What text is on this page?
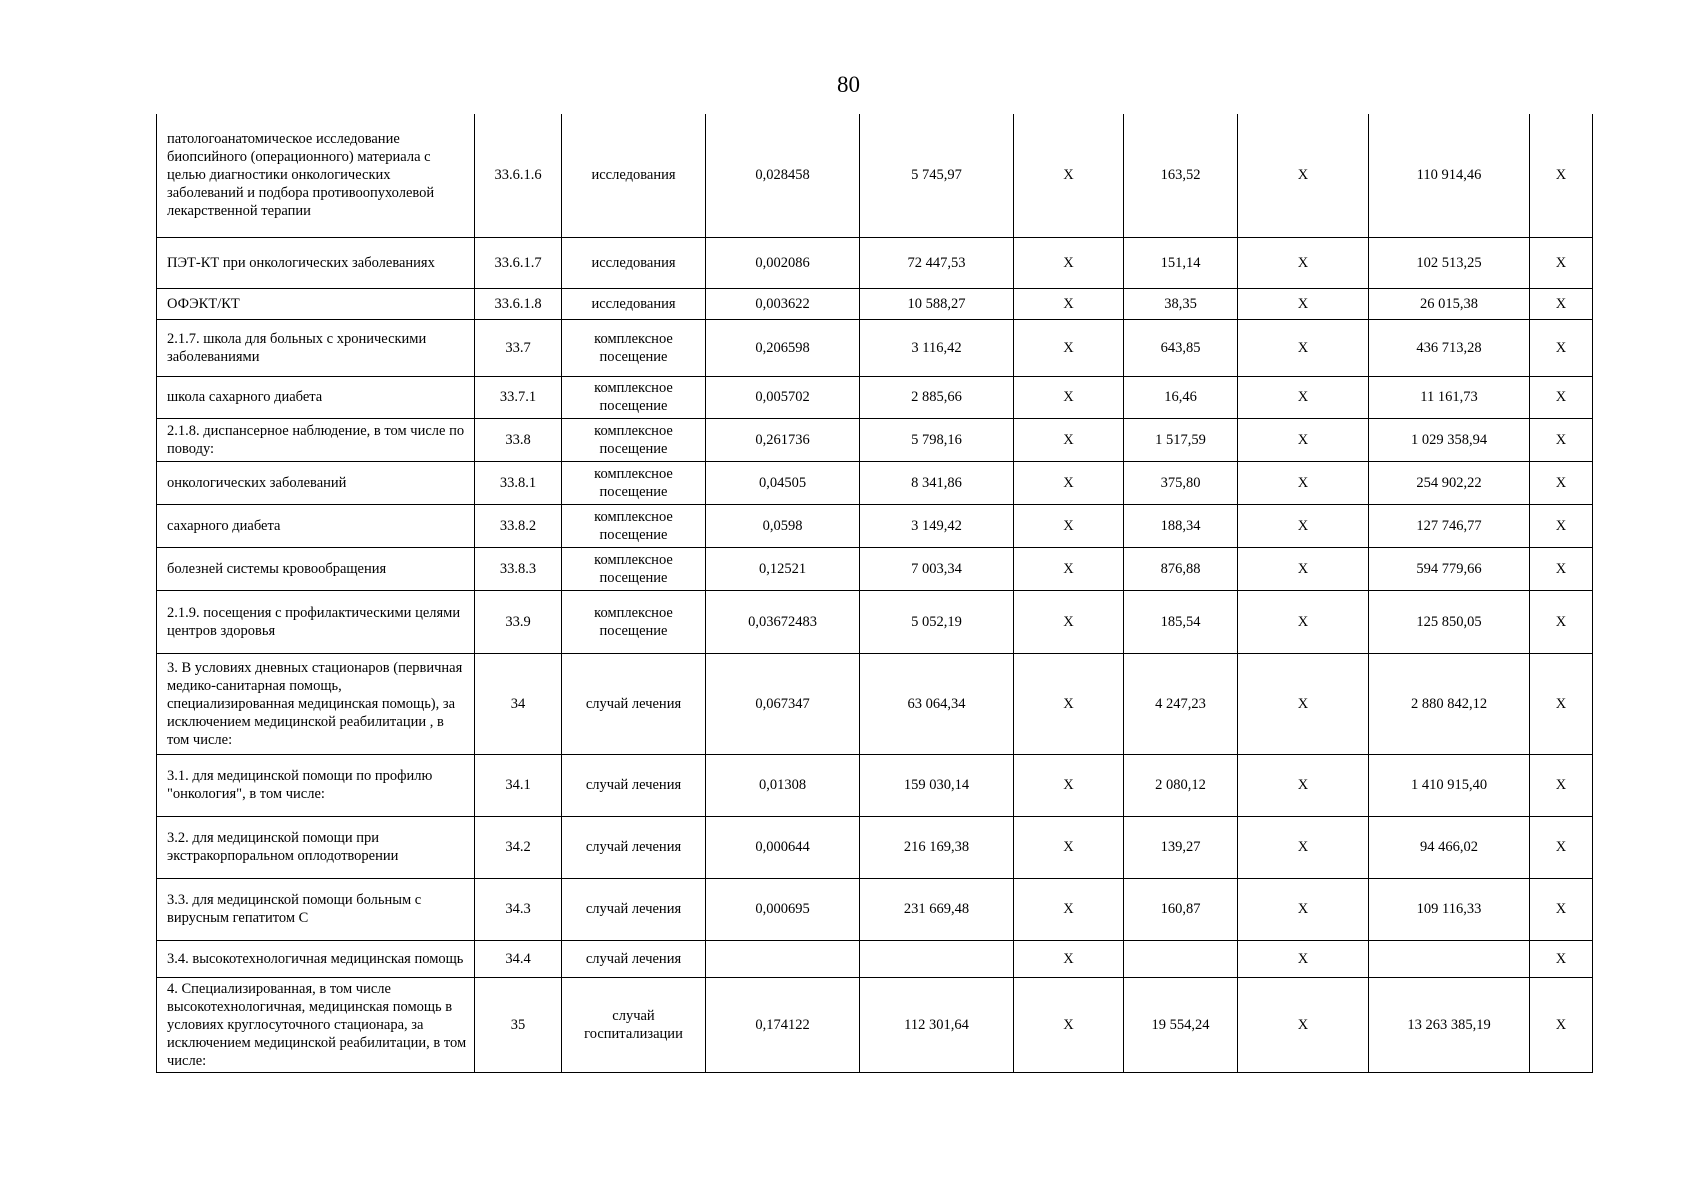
80
патологоанатомическое исследование биопсийного (операционного) материала с целью диагностики онкологических заболеваний и подбора противоопухолевой лекарственной терапии	33.6.1.6	исследования	0,028458	5 745,97	X	163,52	X	110 914,46	X
ПЭТ-КТ при онкологических заболеваниях	33.6.1.7	исследования	0,002086	72 447,53	X	151,14	X	102 513,25	X
ОФЭКТ/КТ	33.6.1.8	исследования	0,003622	10 588,27	X	38,35	X	26 015,38	X
2.1.7. школа для больных с хроническими заболеваниями	33.7	комплексное посещение	0,206598	3 116,42	X	643,85	X	436 713,28	X
школа сахарного диабета	33.7.1	комплексное посещение	0,005702	2 885,66	X	16,46	X	11 161,73	X
2.1.8. диспансерное наблюдение, в том числе по поводу:	33.8	комплексное посещение	0,261736	5 798,16	X	1 517,59	X	1 029 358,94	X
онкологических заболеваний	33.8.1	комплексное посещение	0,04505	8 341,86	X	375,80	X	254 902,22	X
сахарного диабета	33.8.2	комплексное посещение	0,0598	3 149,42	X	188,34	X	127 746,77	X
болезней системы кровообращения	33.8.3	комплексное посещение	0,12521	7 003,34	X	876,88	X	594 779,66	X
2.1.9. посещения с профилактическими целями центров здоровья	33.9	комплексное посещение	0,03672483	5 052,19	X	185,54	X	125 850,05	X
3. В условиях дневных стационаров (первичная медико-санитарная помощь, специализированная медицинская помощь), за исключением медицинской реабилитации , в том числе:	34	случай лечения	0,067347	63 064,34	X	4 247,23	X	2 880 842,12	X
3.1. для медицинской помощи по профилю "онкология", в том числе:	34.1	случай лечения	0,01308	159 030,14	X	2 080,12	X	1 410 915,40	X
3.2. для медицинской помощи при экстракорпоральном оплодотворении	34.2	случай лечения	0,000644	216 169,38	X	139,27	X	94 466,02	X
3.3. для медицинской помощи больным с вирусным гепатитом С	34.3	случай лечения	0,000695	231 669,48	X	160,87	X	109 116,33	X
3.4. высокотехнологичная медицинская помощь	34.4	случай лечения			X		X		X
4. Специализированная, в том числе высокотехнологичная, медицинская помощь в условиях круглосуточного стационара, за исключением медицинской реабилитации, в том числе:	35	случай госпитализации	0,174122	112 301,64	X	19 554,24	X	13 263 385,19	X
